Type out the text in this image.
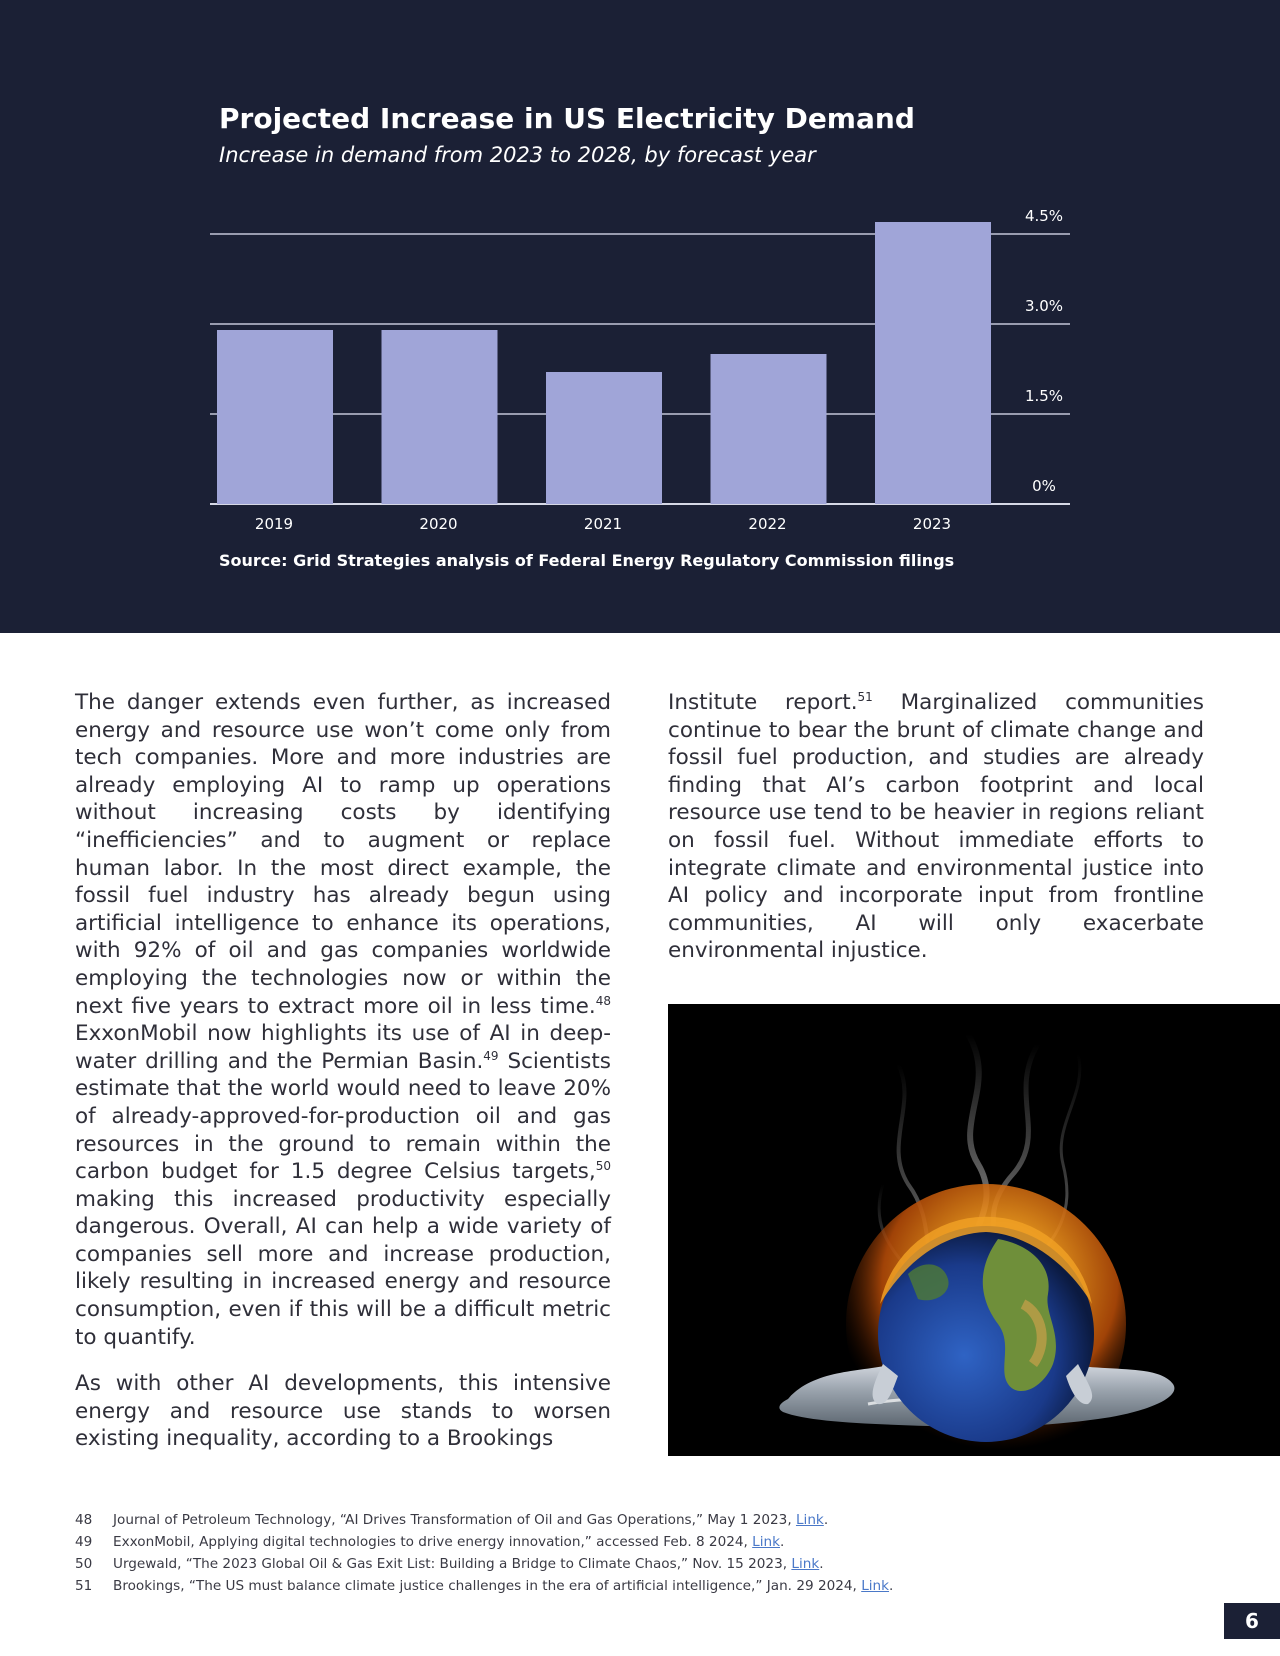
0%
1.5%
3.0%
4.5%
2019	2020	2021	2022	2023
Projected Increase in US Electricity Demand
Increase in demand from 2023 to 2028, by forecast year
Source: Grid Strategies analysis of Federal Energy Regulatory Commission filings

The danger extends even further, as increased energy and resource use won’t come only from tech companies. More and more industries are already employing AI to ramp up operations without increasing costs by identifying “inefficiencies” and to augment or replace human labor. In the most direct example, the fossil fuel industry has already begun using artificial intelligence to enhance its operations, with 92% of oil and gas companies worldwide employing the technologies now or within the next five years to extract more oil in less time.$^{48}$ ExxonMobil now highlights its use of AI in deep-water drilling and the Permian Basin.$^{49}$ Scientists estimate that the world would need to leave 20% of already-approved-for-production oil and gas resources in the ground to remain within the carbon budget for 1.5 degree Celsius targets,$^{50}$ making this increased productivity especially dangerous. Overall, AI can help a wide variety of companies sell more and increase production, likely resulting in increased energy and resource consumption, even if this will be a difficult metric to quantify.

As with other AI developments, this intensive energy and resource use stands to worsen existing inequality, according to a Brookings

Institute report.$^{51}$ Marginalized communities continue to bear the brunt of climate change and fossil fuel production, and studies are already finding that AI’s carbon footprint and local resource use tend to be heavier in regions reliant on fossil fuel. Without immediate efforts to integrate climate and environmental justice into AI policy and incorporate input from frontline communities, AI will only exacerbate environmental injustice.

48 Journal of Petroleum Technology, “AI Drives Transformation of Oil and Gas Operations,” May 1 2023, Link.
49 ExxonMobil, Applying digital technologies to drive energy innovation,” accessed Feb. 8 2024, Link.
50 Urgewald, “The 2023 Global Oil & Gas Exit List: Building a Bridge to Climate Chaos,” Nov. 15 2023, Link.
51 Brookings, “The US must balance climate justice challenges in the era of artificial intelligence,” Jan. 29 2024, Link.
6
